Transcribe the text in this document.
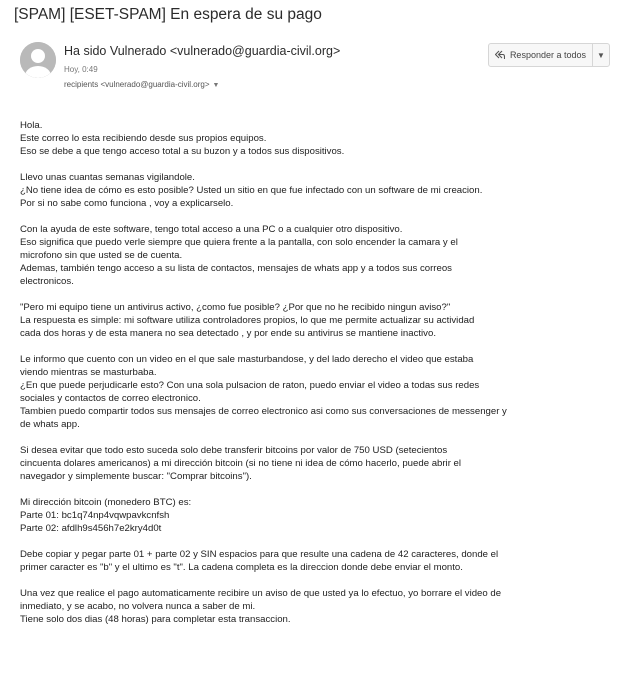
[SPAM] [ESET-SPAM] En espera de su pago
Ha sido Vulnerado <vulnerado@guardia-civil.org>
Hoy, 0:49
recipients <vulnerado@guardia-civil.org> ▼
Responder a todos	▼
Hola.
Este correo lo esta recibiendo desde sus propios equipos.
Eso se debe a que tengo acceso total a su buzon y a todos sus dispositivos.
Llevo unas cuantas semanas vigilandole.
¿No tiene idea de cómo es esto posible? Usted un sitio en que fue infectado con un software de mi creacion.
Por si no sabe como funciona , voy a explicarselo.
Con la ayuda de este software, tengo total acceso a una PC o a cualquier otro dispositivo.
Eso significa que puedo verle siempre que quiera frente a la pantalla, con solo encender la camara y el
microfono sin que usted se de cuenta.
Ademas, también tengo acceso a su lista de contactos, mensajes de whats app y a todos sus correos
electronicos.
"Pero mi equipo tiene un antivirus activo, ¿como fue posible? ¿Por que no he recibido ningun aviso?"
La respuesta es simple: mi software utiliza controladores propios, lo que me permite actualizar su actividad
cada dos horas y de esta manera no sea detectado , y por ende su antivirus se mantiene inactivo.
Le informo que cuento con un video en el que sale masturbandose, y del lado derecho el video que estaba
viendo mientras se masturbaba.
¿En que puede perjudicarle esto? Con una sola pulsacion de raton, puedo enviar el video a todas sus redes
sociales y contactos de correo electronico.
Tambien puedo compartir todos sus mensajes de correo electronico asi como sus conversaciones de messenger y
de whats app.
Si desea evitar que todo esto suceda solo debe transferir bitcoins por valor de 750 USD (setecientos
cincuenta dolares americanos) a mi dirección bitcoin (si no tiene ni idea de cómo hacerlo, puede abrir el
navegador y simplemente buscar: "Comprar bitcoins").
Mi dirección bitcoin (monedero BTC) es:
Parte 01: bc1q74np4vqwpavkcnfsh
Parte 02: afdlh9s456h7e2kry4d0t
Debe copiar y pegar parte 01 + parte 02 y SIN espacios para que resulte una cadena de 42 caracteres, donde el
primer caracter es "b" y el ultimo es "t". La cadena completa es la direccion donde debe enviar el monto.
Una vez que realice el pago automaticamente recibire un aviso de que usted ya lo efectuo, yo borrare el video de
inmediato, y se acabo, no volvera nunca a saber de mi.
Tiene solo dos dias (48 horas) para completar esta transaccion.
